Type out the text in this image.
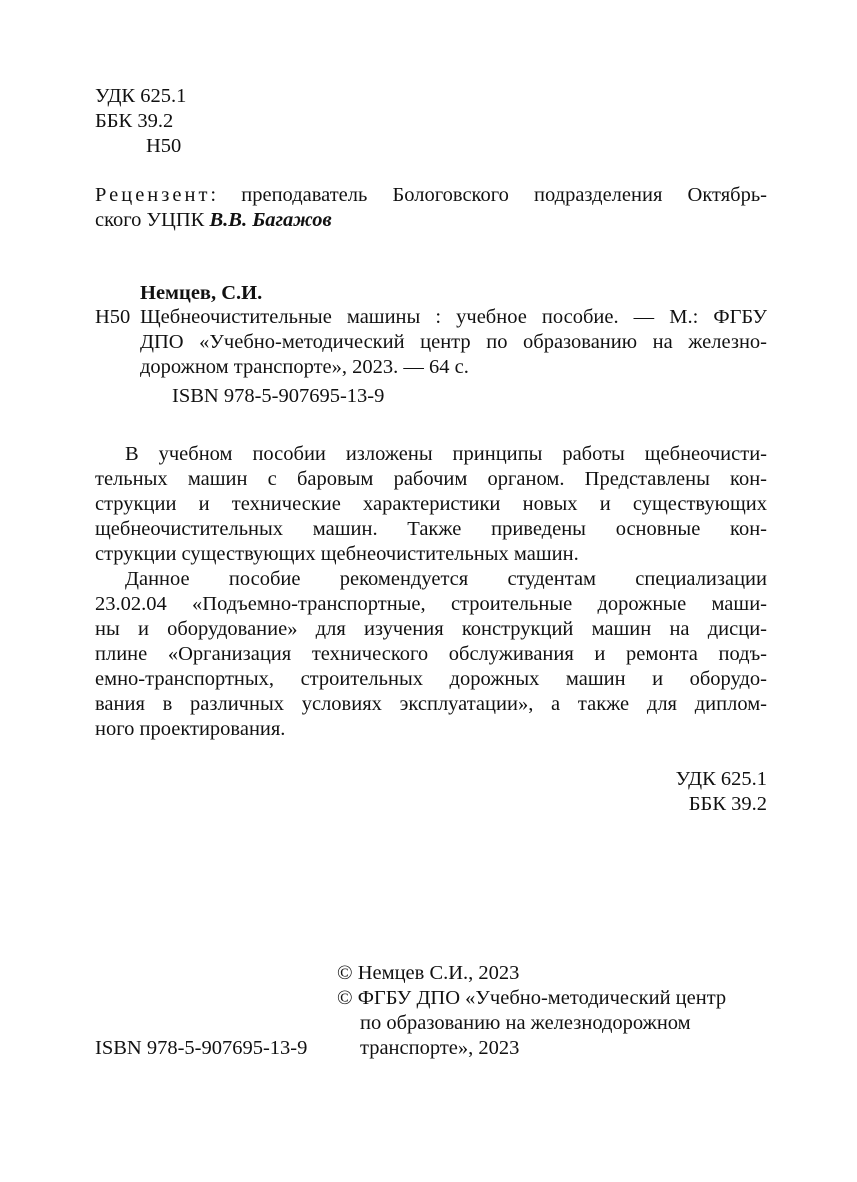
УДК 625.1
ББК 39.2
Н50
Рецензент: преподаватель Бологовского подразделения Октябрь-
ского УЦПК В.В. Багажов
Немцев, С.И.
Н50 Щебнеочистительные машины : учебное пособие. — М.: ФГБУ
ДПО «Учебно-методический центр по образованию на железно-
дорожном транспорте», 2023. — 64 с.
ISBN 978-5-907695-13-9
В учебном пособии изложены принципы работы щебнеочисти-
тельных машин с баровым рабочим органом. Представлены кон-
струкции и технические характеристики новых и существующих
щебнеочистительных машин. Также приведены основные кон-
струкции существующих щебнеочистительных машин.
Данное пособие рекомендуется студентам специализации
23.02.04 «Подъемно-транспортные, строительные дорожные маши-
ны и оборудование» для изучения конструкций машин на дисци-
плине «Организация технического обслуживания и ремонта подъ-
емно-транспортных, строительных дорожных машин и оборудо-
вания в различных условиях эксплуатации», а также для диплом-
ного проектирования.
УДК 625.1
ББК 39.2
© Немцев С.И., 2023
© ФГБУ ДПО «Учебно-методический центр
по образованию на железнодорожном
транспорте», 2023
ISBN 978-5-907695-13-9
